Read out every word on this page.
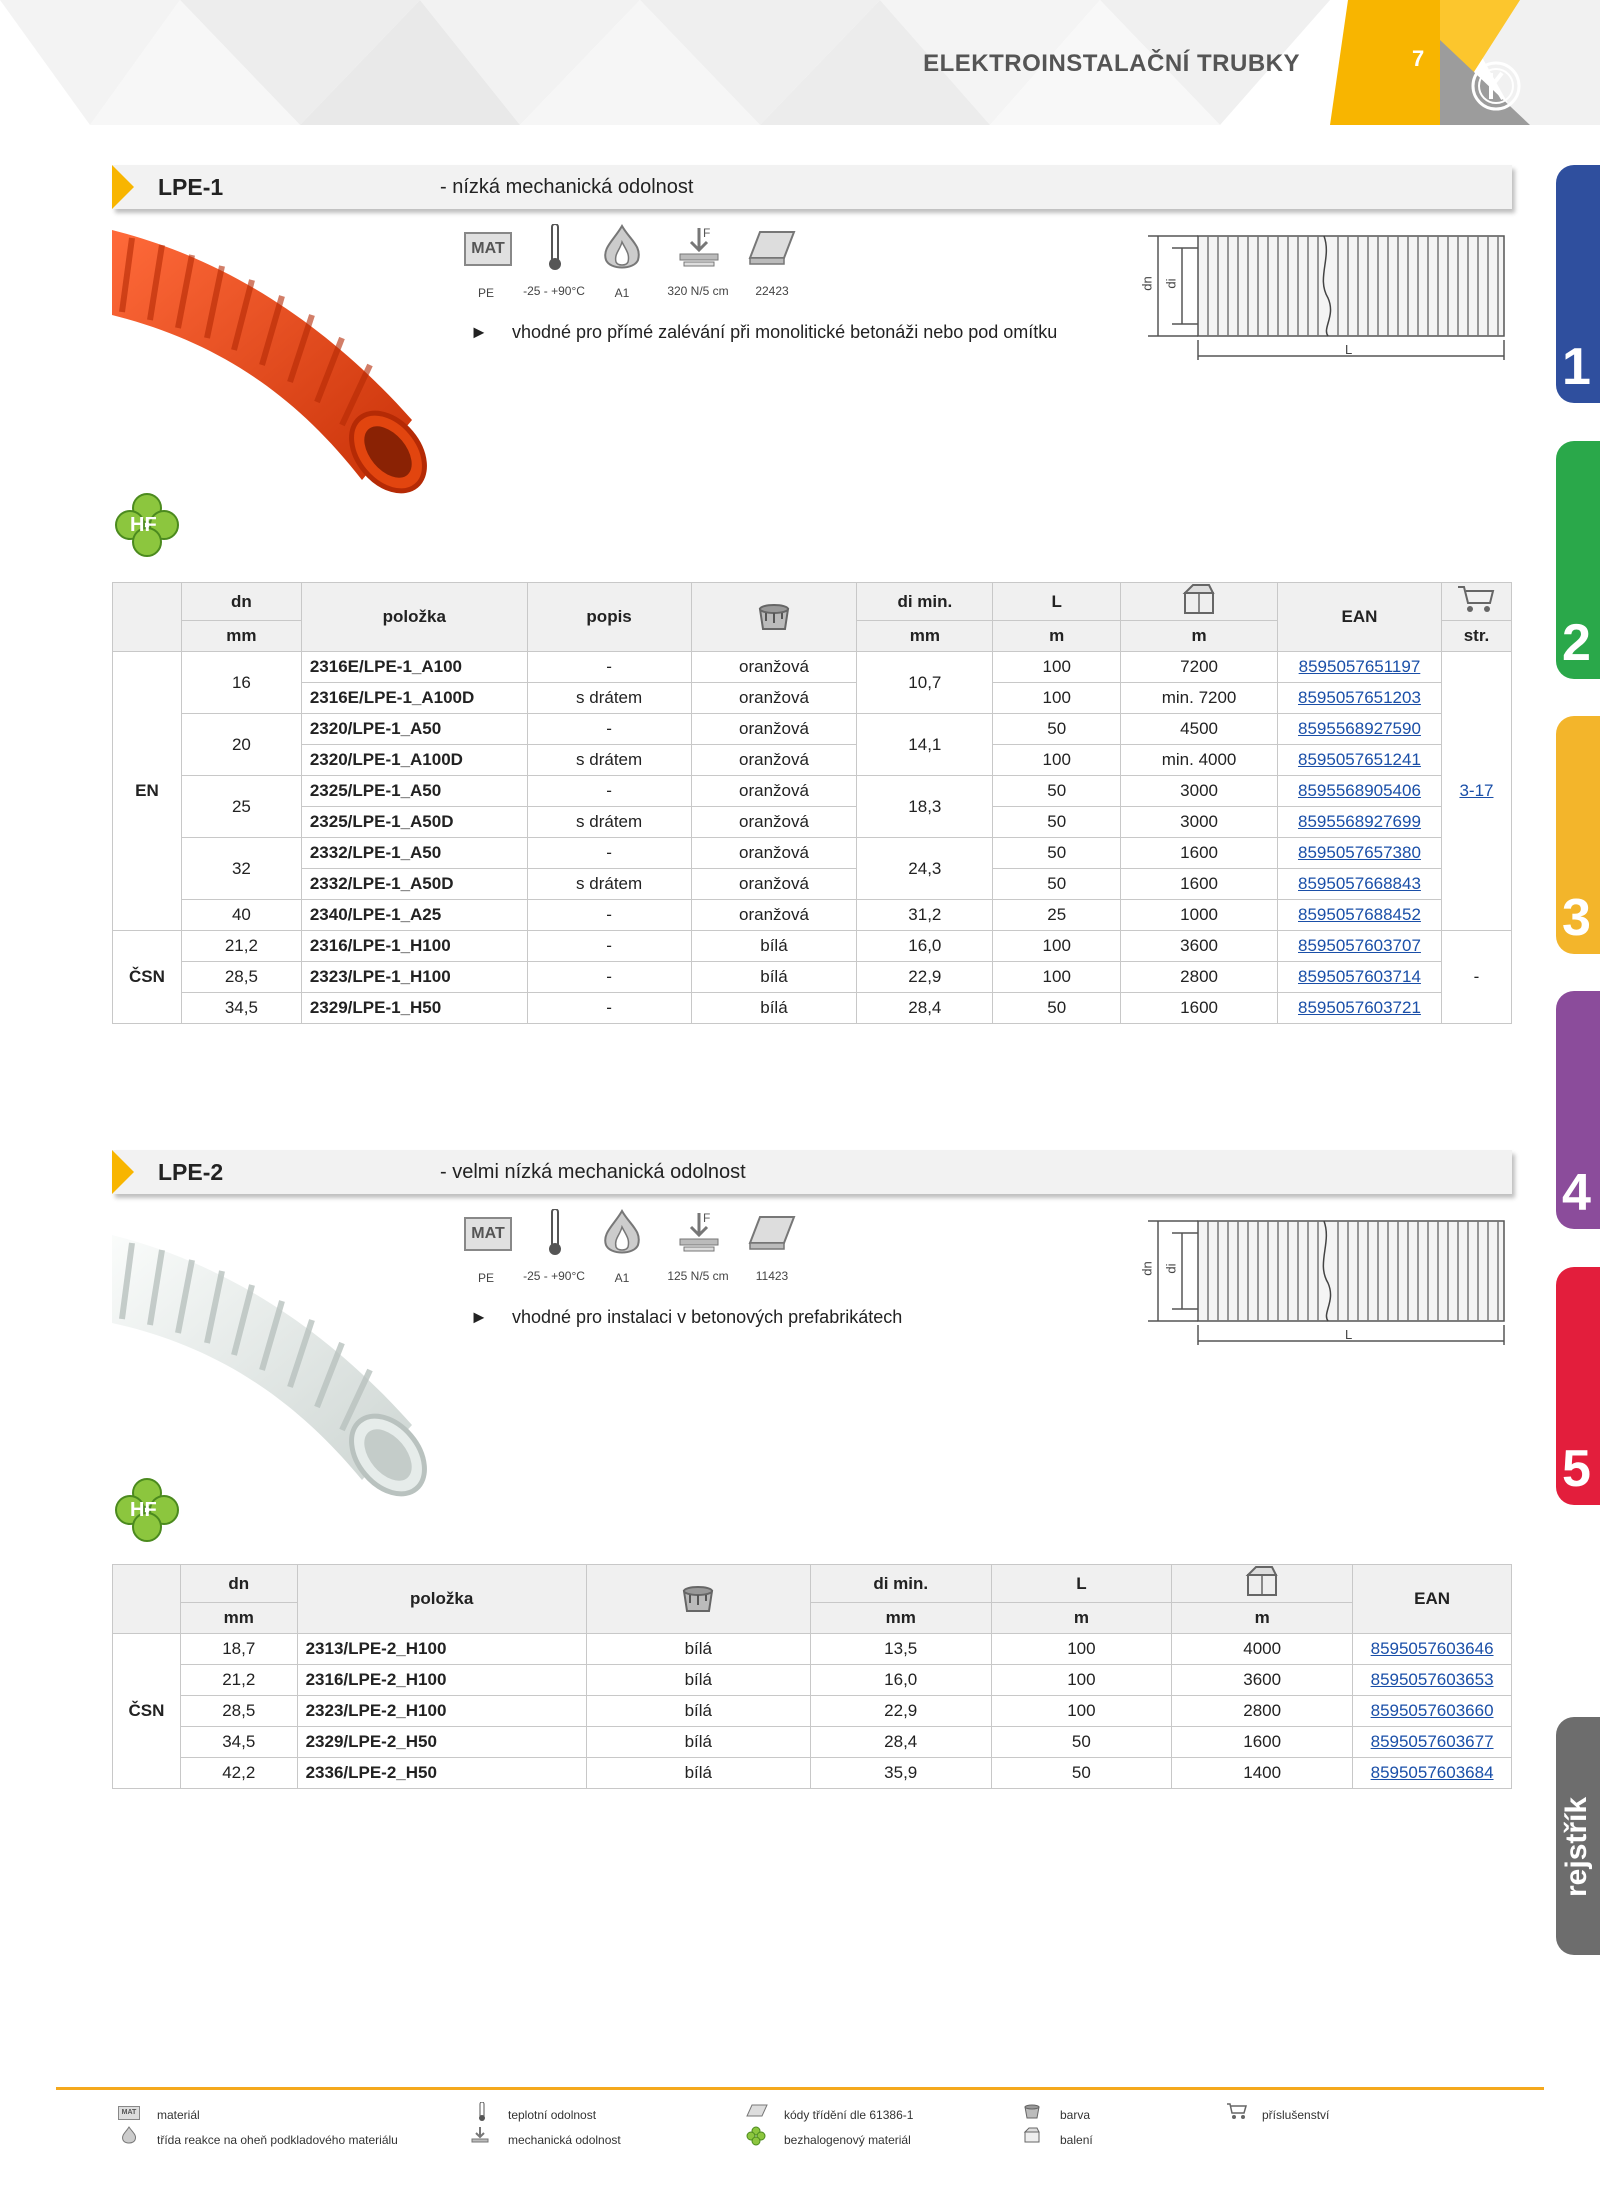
ELEKTROINSTALAČNÍ TRUBKY	7
1
2
3
4
5
rejstřík
LPE-1	- nízká mechanická odolnost
HF
MAT
F
PE	-25 - +90°C	A1	320 N/5 cm	22423
► vhodné pro přímé zalévání při monolitické betonáži nebo pod omítku
dn di
L
	dn	položka	popis		di min.	L		EAN	
	mm				mm	m	m		str.
EN	16	2316E/LPE-1_A100	-	oranžová	10,7	100	7200	8595057651197	3-17
		2316E/LPE-1_A100D	s drátem	oranžová		100	min. 7200	8595057651203	
	20	2320/LPE-1_A50	-	oranžová	14,1	50	4500	8595568927590	
		2320/LPE-1_A100D	s drátem	oranžová		100	min. 4000	8595057651241	
	25	2325/LPE-1_A50	-	oranžová	18,3	50	3000	8595568905406	
		2325/LPE-1_A50D	s drátem	oranžová		50	3000	8595568927699	
	32	2332/LPE-1_A50	-	oranžová	24,3	50	1600	8595057657380	
		2332/LPE-1_A50D	s drátem	oranžová		50	1600	8595057668843	
	40	2340/LPE-1_A25	-	oranžová	31,2	25	1000	8595057688452	
ČSN	21,2	2316/LPE-1_H100	-	bílá	16,0	100	3600	8595057603707	-
	28,5	2323/LPE-1_H100	-	bílá	22,9	100	2800	8595057603714	
	34,5	2329/LPE-1_H50	-	bílá	28,4	50	1600	8595057603721	
LPE-2	- velmi nízká mechanická odolnost
HF
MAT
F
PE	-25 - +90°C	A1	125 N/5 cm	11423
► vhodné pro instalaci v betonových prefabrikátech
dn di
L
	dn	položka		di min.	L		EAN
	mm			mm	m	m	
ČSN	18,7	2313/LPE-2_H100	bílá	13,5	100	4000	8595057603646
	21,2	2316/LPE-2_H100	bílá	16,0	100	3600	8595057603653
	28,5	2323/LPE-2_H100	bílá	22,9	100	2800	8595057603660
	34,5	2329/LPE-2_H50	bílá	28,4	50	1600	8595057603677
	42,2	2336/LPE-2_H50	bílá	35,9	50	1400	8595057603684
MAT	materiál
třída reakce na oheň podkladového materiálu
teplotní odolnost
mechanická odolnost
kódy třídění dle 61386-1
bezhalogenový materiál
barva
balení
příslušenství
